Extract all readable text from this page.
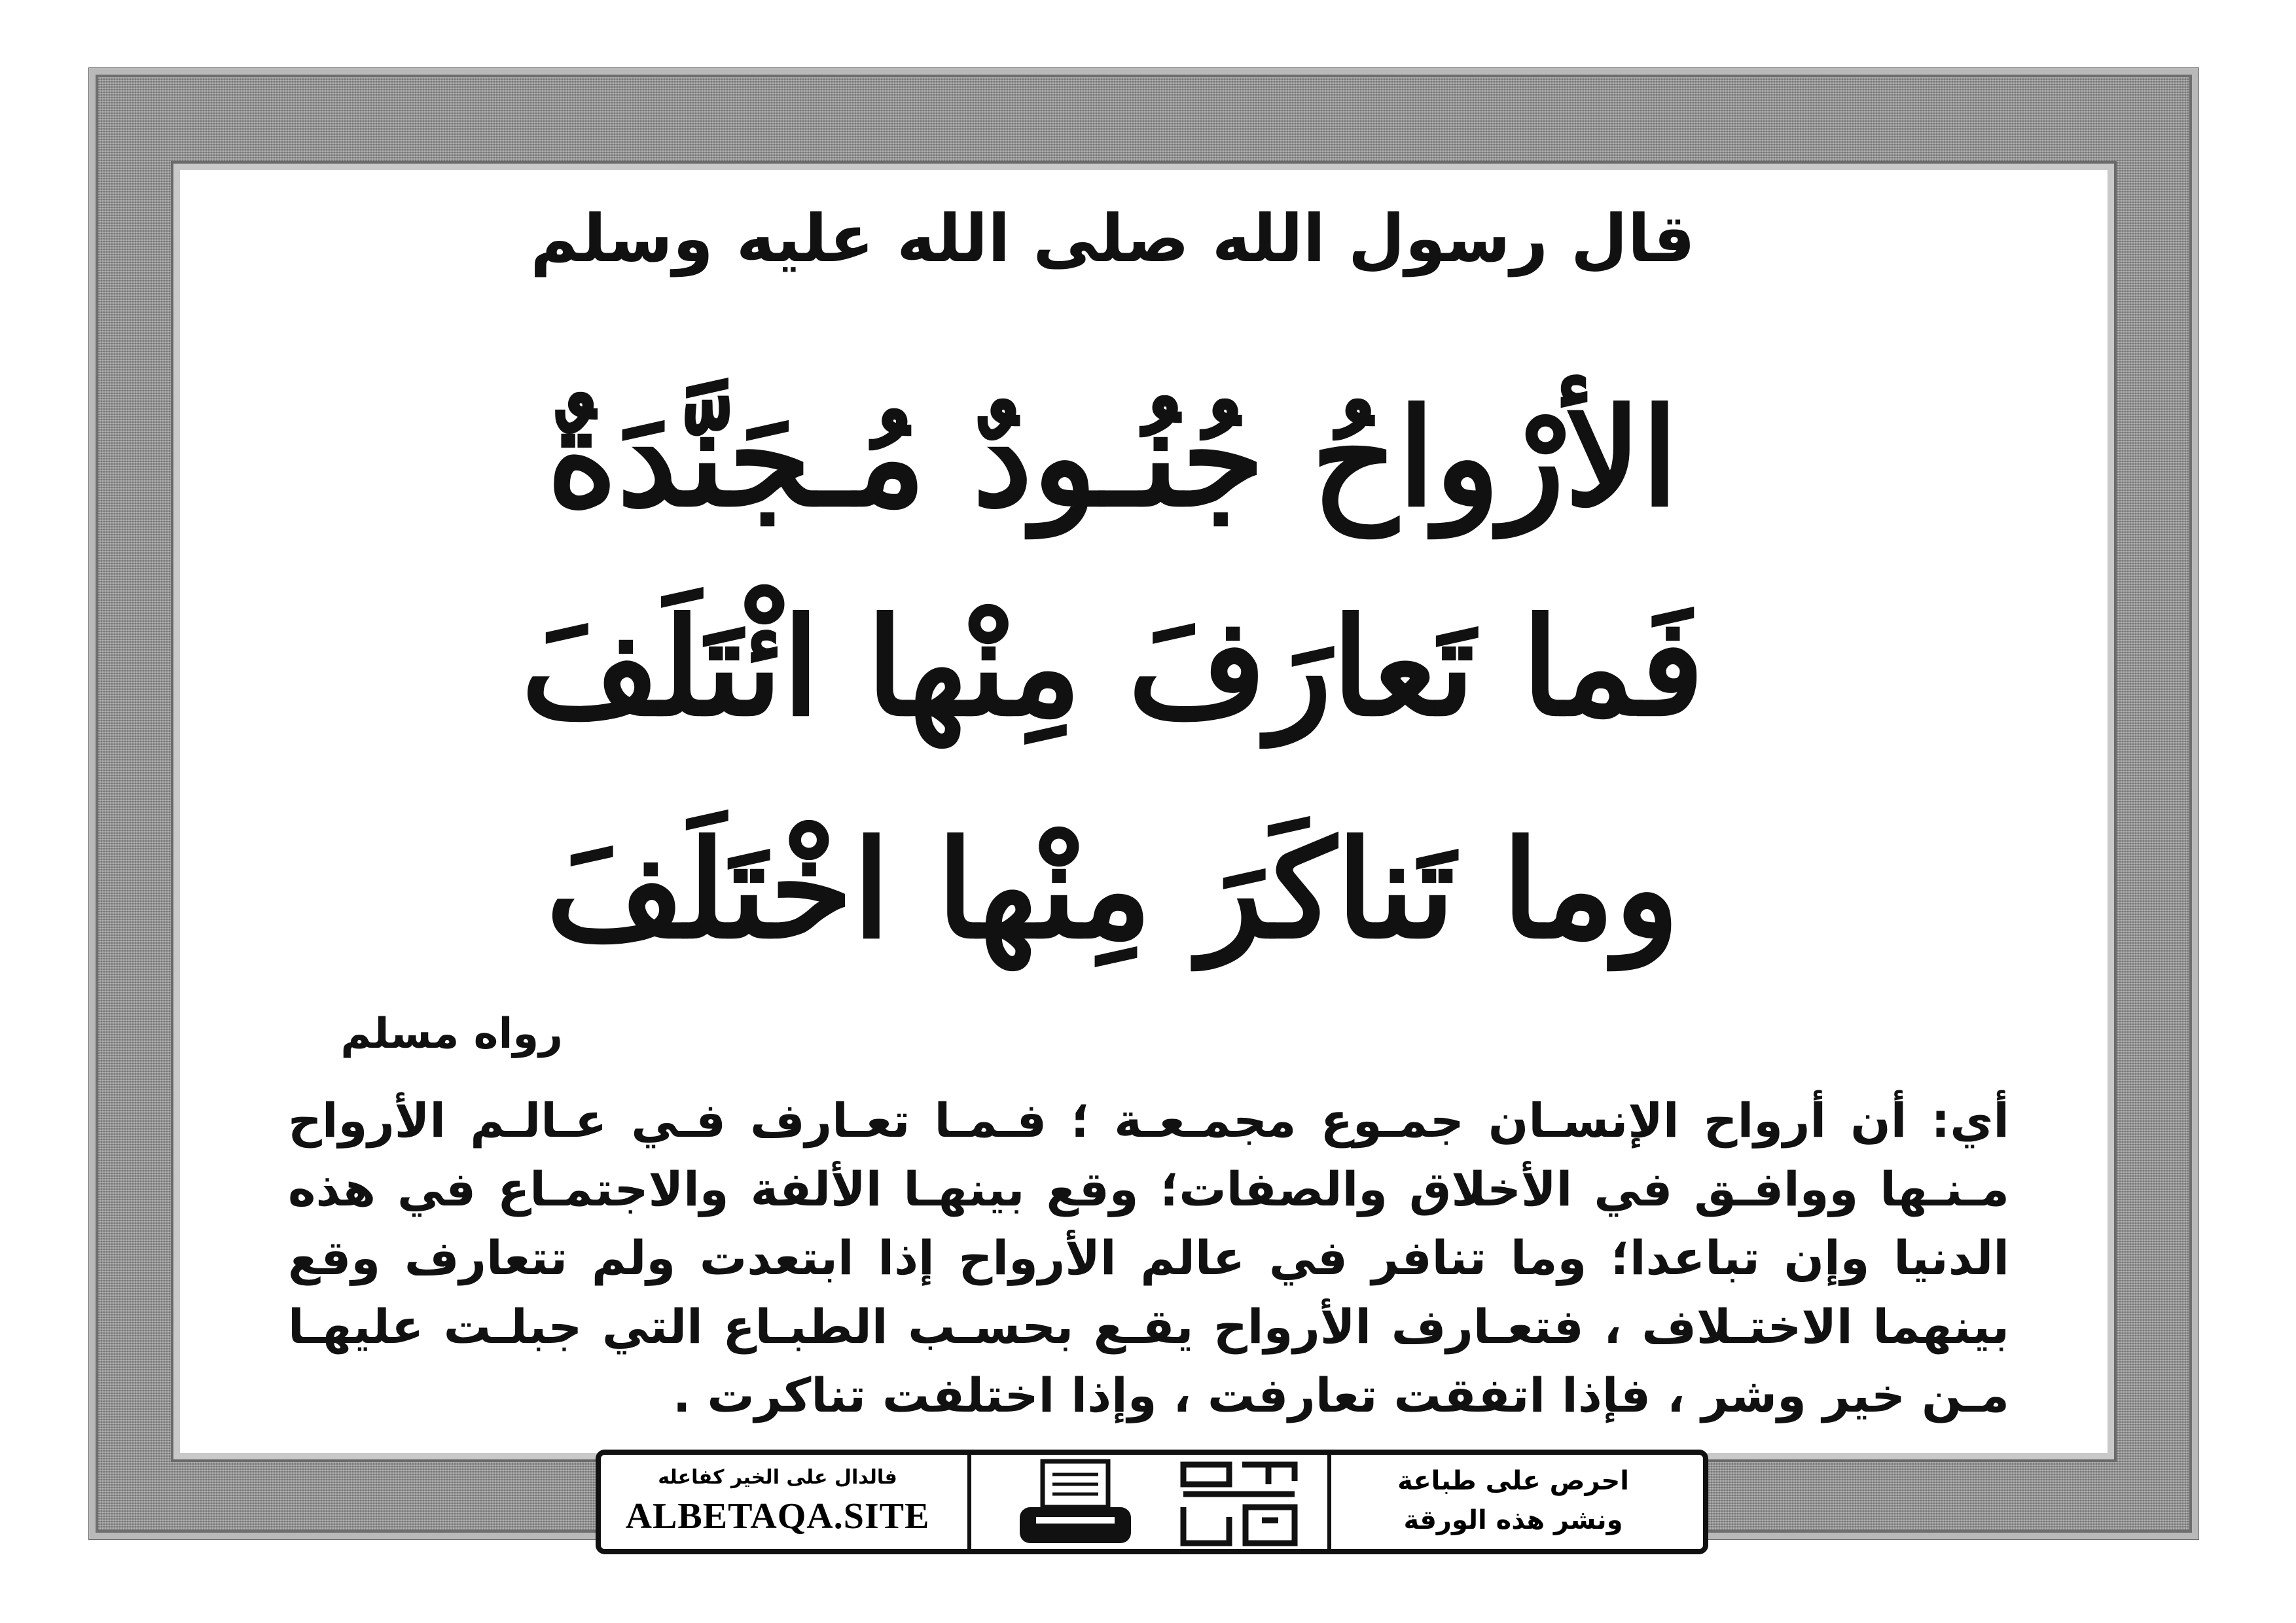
قال رسول الله صلى الله عليه وسلم
الأرْواحُ جُنُـودٌ مُـجَنَّدَةٌ
فَما تَعارَفَ مِنْها ائْتَلَفَ
وما تَناكَرَ مِنْها اخْتَلَفَ
رواه مسلم
أي: أن أرواح الإنسـان جمـوع مجمـعـة ؛ فـمـا تعـارف فـي عـالـم الأرواح مـنـها ووافـق في الأخلاق والصفات؛ وقع بينهـا الألفة والاجتمـاع في هذه الدنيا وإن تباعدا؛ وما تنافر في عالم الأرواح إذا ابتعدت ولم تتعارف وقع بينهما الاختـلاف ، فتعـارف الأرواح يقـع بحسـب الطبـاع التي جبلـت عليهـا مـن خير وشر ، فإذا اتفقت تعارفت ، وإذا اختلفت تناكرت .
فالدال على الخير كفاعله
ALBETAQA.SITE
احرص على طباعة
ونشر هذه الورقة
